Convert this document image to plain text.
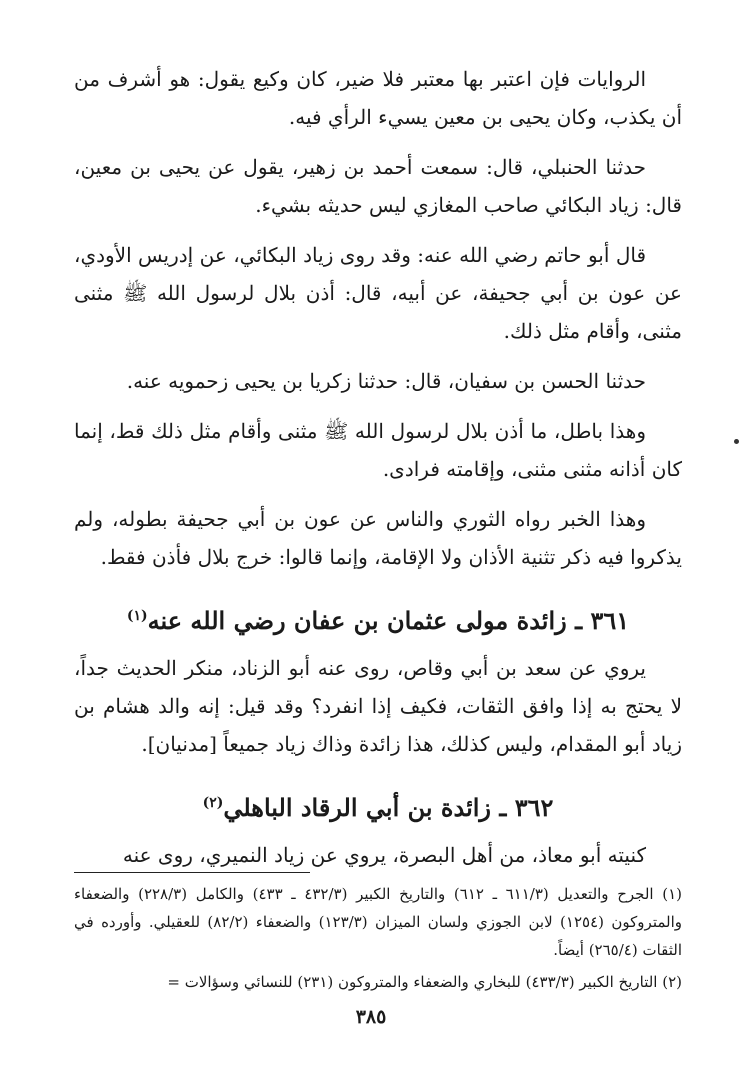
الروايات فإن اعتبر بها معتبر فلا ضير، كان وكيع يقول: هو أشرف من أن يكذب، وكان يحيى بن معين يسيء الرأي فيه.

حدثنا الحنبلي، قال: سمعت أحمد بن زهير، يقول عن يحيى بن معين، قال: زياد البكائي صاحب المغازي ليس حديثه بشيء.

قال أبو حاتم رضي الله عنه: وقد روى زياد البكائي، عن إدريس الأودي، عن عون بن أبي جحيفة، عن أبيه، قال: أذن بلال لرسول الله ﷺ مثنى مثنى، وأقام مثل ذلك.

حدثنا الحسن بن سفيان، قال: حدثنا زكريا بن يحيى زحمويه عنه.

وهذا باطل، ما أذن بلال لرسول الله ﷺ مثنى وأقام مثل ذلك قط، إنما كان أذانه مثنى مثنى، وإقامته فرادى.

وهذا الخبر رواه الثوري والناس عن عون بن أبي جحيفة بطوله، ولم يذكروا فيه ذكر تثنية الأذان ولا الإقامة، وإنما قالوا: خرج بلال فأذن فقط.

٣٦١ ـ زائدة مولى عثمان بن عفان رضي الله عنه$^{(١)}$

يروي عن سعد بن أبي وقاص، روى عنه أبو الزناد، منكر الحديث جداً، لا يحتج به إذا وافق الثقات، فكيف إذا انفرد؟ وقد قيل: إنه والد هشام بن زياد أبو المقدام، وليس كذلك، هذا زائدة وذاك زياد جميعاً [مدنيان].

٣٦٢ ـ زائدة بن أبي الرقاد الباهلي$^{(٢)}$

كنيته أبو معاذ، من أهل البصرة، يروي عن زياد النميري، روى عنه

(١) الجرح والتعديل (٦١١/٣ ـ ٦١٢) والتاريخ الكبير (٤٣٢/٣ ـ ٤٣٣) والكامل (٢٢٨/٣) والضعفاء والمتروكون (١٢٥٤) لابن الجوزي ولسان الميزان (١٢٣/٣) والضعفاء (٨٢/٢) للعقيلي. وأورده في الثقات (٢٦٥/٤) أيضاً.

(٢) التاريخ الكبير (٤٣٣/٣) للبخاري والضعفاء والمتروكون (٢٣١) للنسائي وسؤالات =

٣٨٥
